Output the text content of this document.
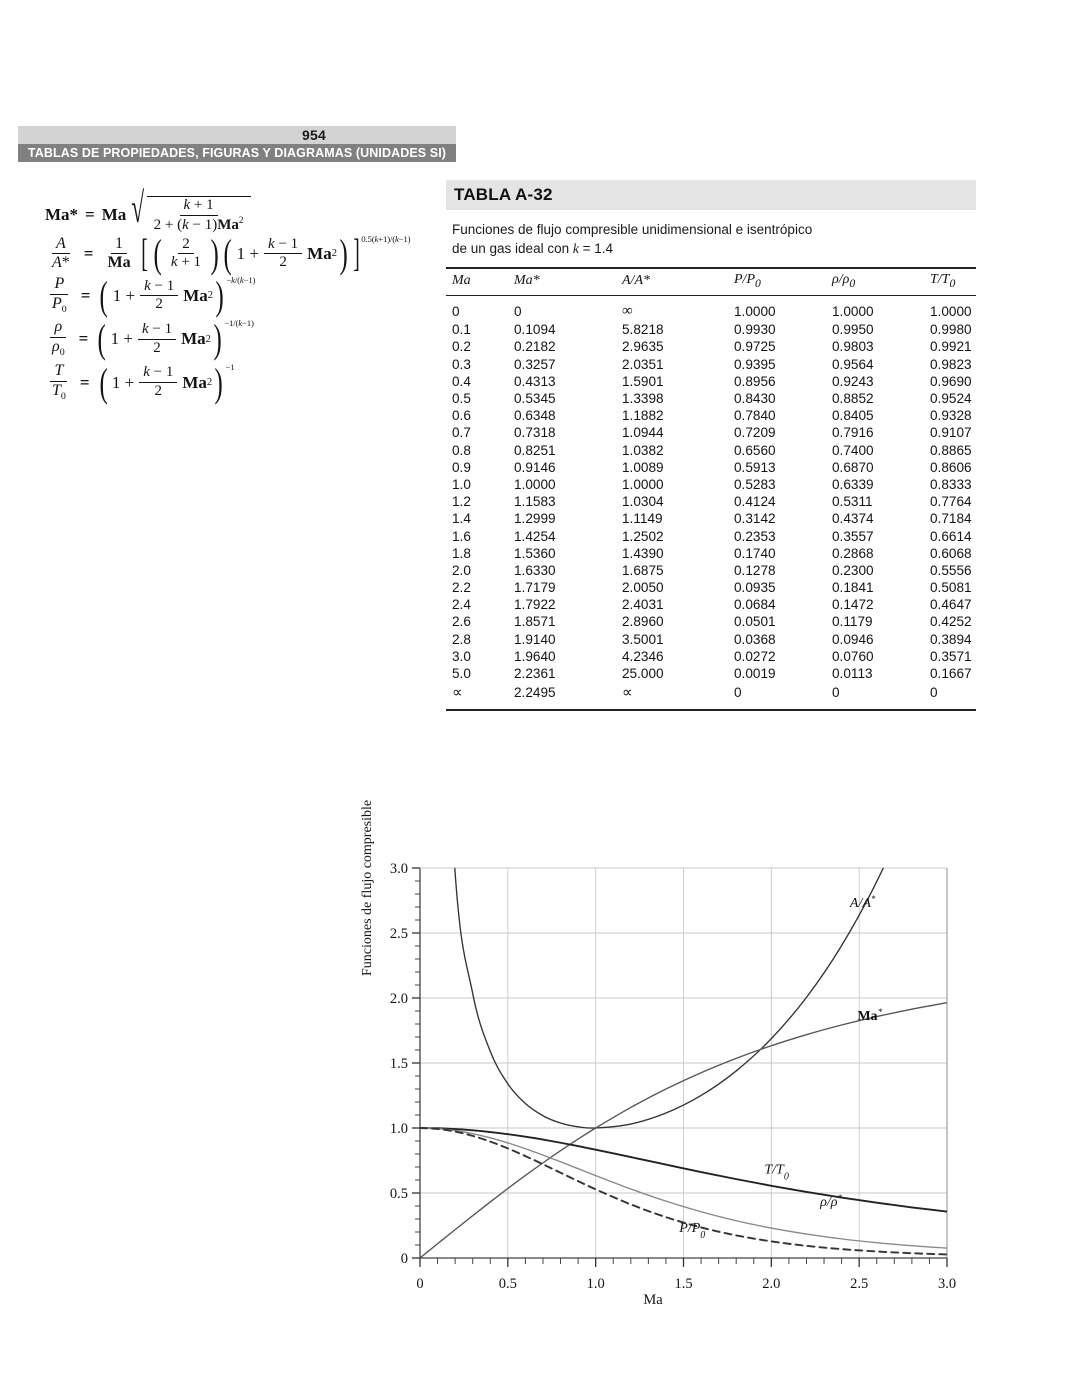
954
TABLAS DE PROPIEDADES, FIGURAS Y DIAGRAMAS (UNIDADES SI)
Ma* = Ma √ $\frac{k + 1}{2 + (k - 1)Ma^2}$
$\frac{A}{A*} = \frac{1}{Ma}$ [ ( $\frac{2}{k + 1}$ ) ( $1 + \frac{k - 1}{2}$ Ma 2 ) ] 0.5(k+1)/(k−1)
$\frac{P}{P_0}$ = ( $1 + \frac{k - 1}{2}$ Ma 2 ) −k/(k−1)
$\frac{\rho}{\rho_0}$ = ( $1 + \frac{k - 1}{2}$ Ma 2 ) −1/(k−1)
$\frac{T}{T_0}$ = ( $1 + \frac{k - 1}{2}$ Ma 2 ) −1
TABLA A-32
Funciones de flujo compresible unidimensional e isentrópico
de un gas ideal con k = 1.4
Ma	Ma*	A/A*	$P/P_0$	$\rho/\rho_0$	$T/T_0$
0	0	∞	1.0000	1.0000	1.0000
0.1	0.1094	5.8218	0.9930	0.9950	0.9980
0.2	0.2182	2.9635	0.9725	0.9803	0.9921
0.3	0.3257	2.0351	0.9395	0.9564	0.9823
0.4	0.4313	1.5901	0.8956	0.9243	0.9690
0.5	0.5345	1.3398	0.8430	0.8852	0.9524
0.6	0.6348	1.1882	0.7840	0.8405	0.9328
0.7	0.7318	1.0944	0.7209	0.7916	0.9107
0.8	0.8251	1.0382	0.6560	0.7400	0.8865
0.9	0.9146	1.0089	0.5913	0.6870	0.8606
1.0	1.0000	1.0000	0.5283	0.6339	0.8333
1.2	1.1583	1.0304	0.4124	0.5311	0.7764
1.4	1.2999	1.1149	0.3142	0.4374	0.7184
1.6	1.4254	1.2502	0.2353	0.3557	0.6614
1.8	1.5360	1.4390	0.1740	0.2868	0.6068
2.0	1.6330	1.6875	0.1278	0.2300	0.5556
2.2	1.7179	2.0050	0.0935	0.1841	0.5081
2.4	1.7922	2.4031	0.0684	0.1472	0.4647
2.6	1.8571	2.8960	0.0501	0.1179	0.4252
2.8	1.9140	3.5001	0.0368	0.0946	0.3894
3.0	1.9640	4.2346	0.0272	0.0760	0.3571
5.0	2.2361	25.000	0.0019	0.0113	0.1667
∝	2.2495	∝	0	0	0
Funciones de flujo compresible
0
0.5
1.0
1.5
2.0
2.5
3.0
0	0.5	1.0	1.5	2.0	2.5	3.0
A/A*
Ma*
$T/T_0$
ρ/ρ*
$P/P_0$
Ma
